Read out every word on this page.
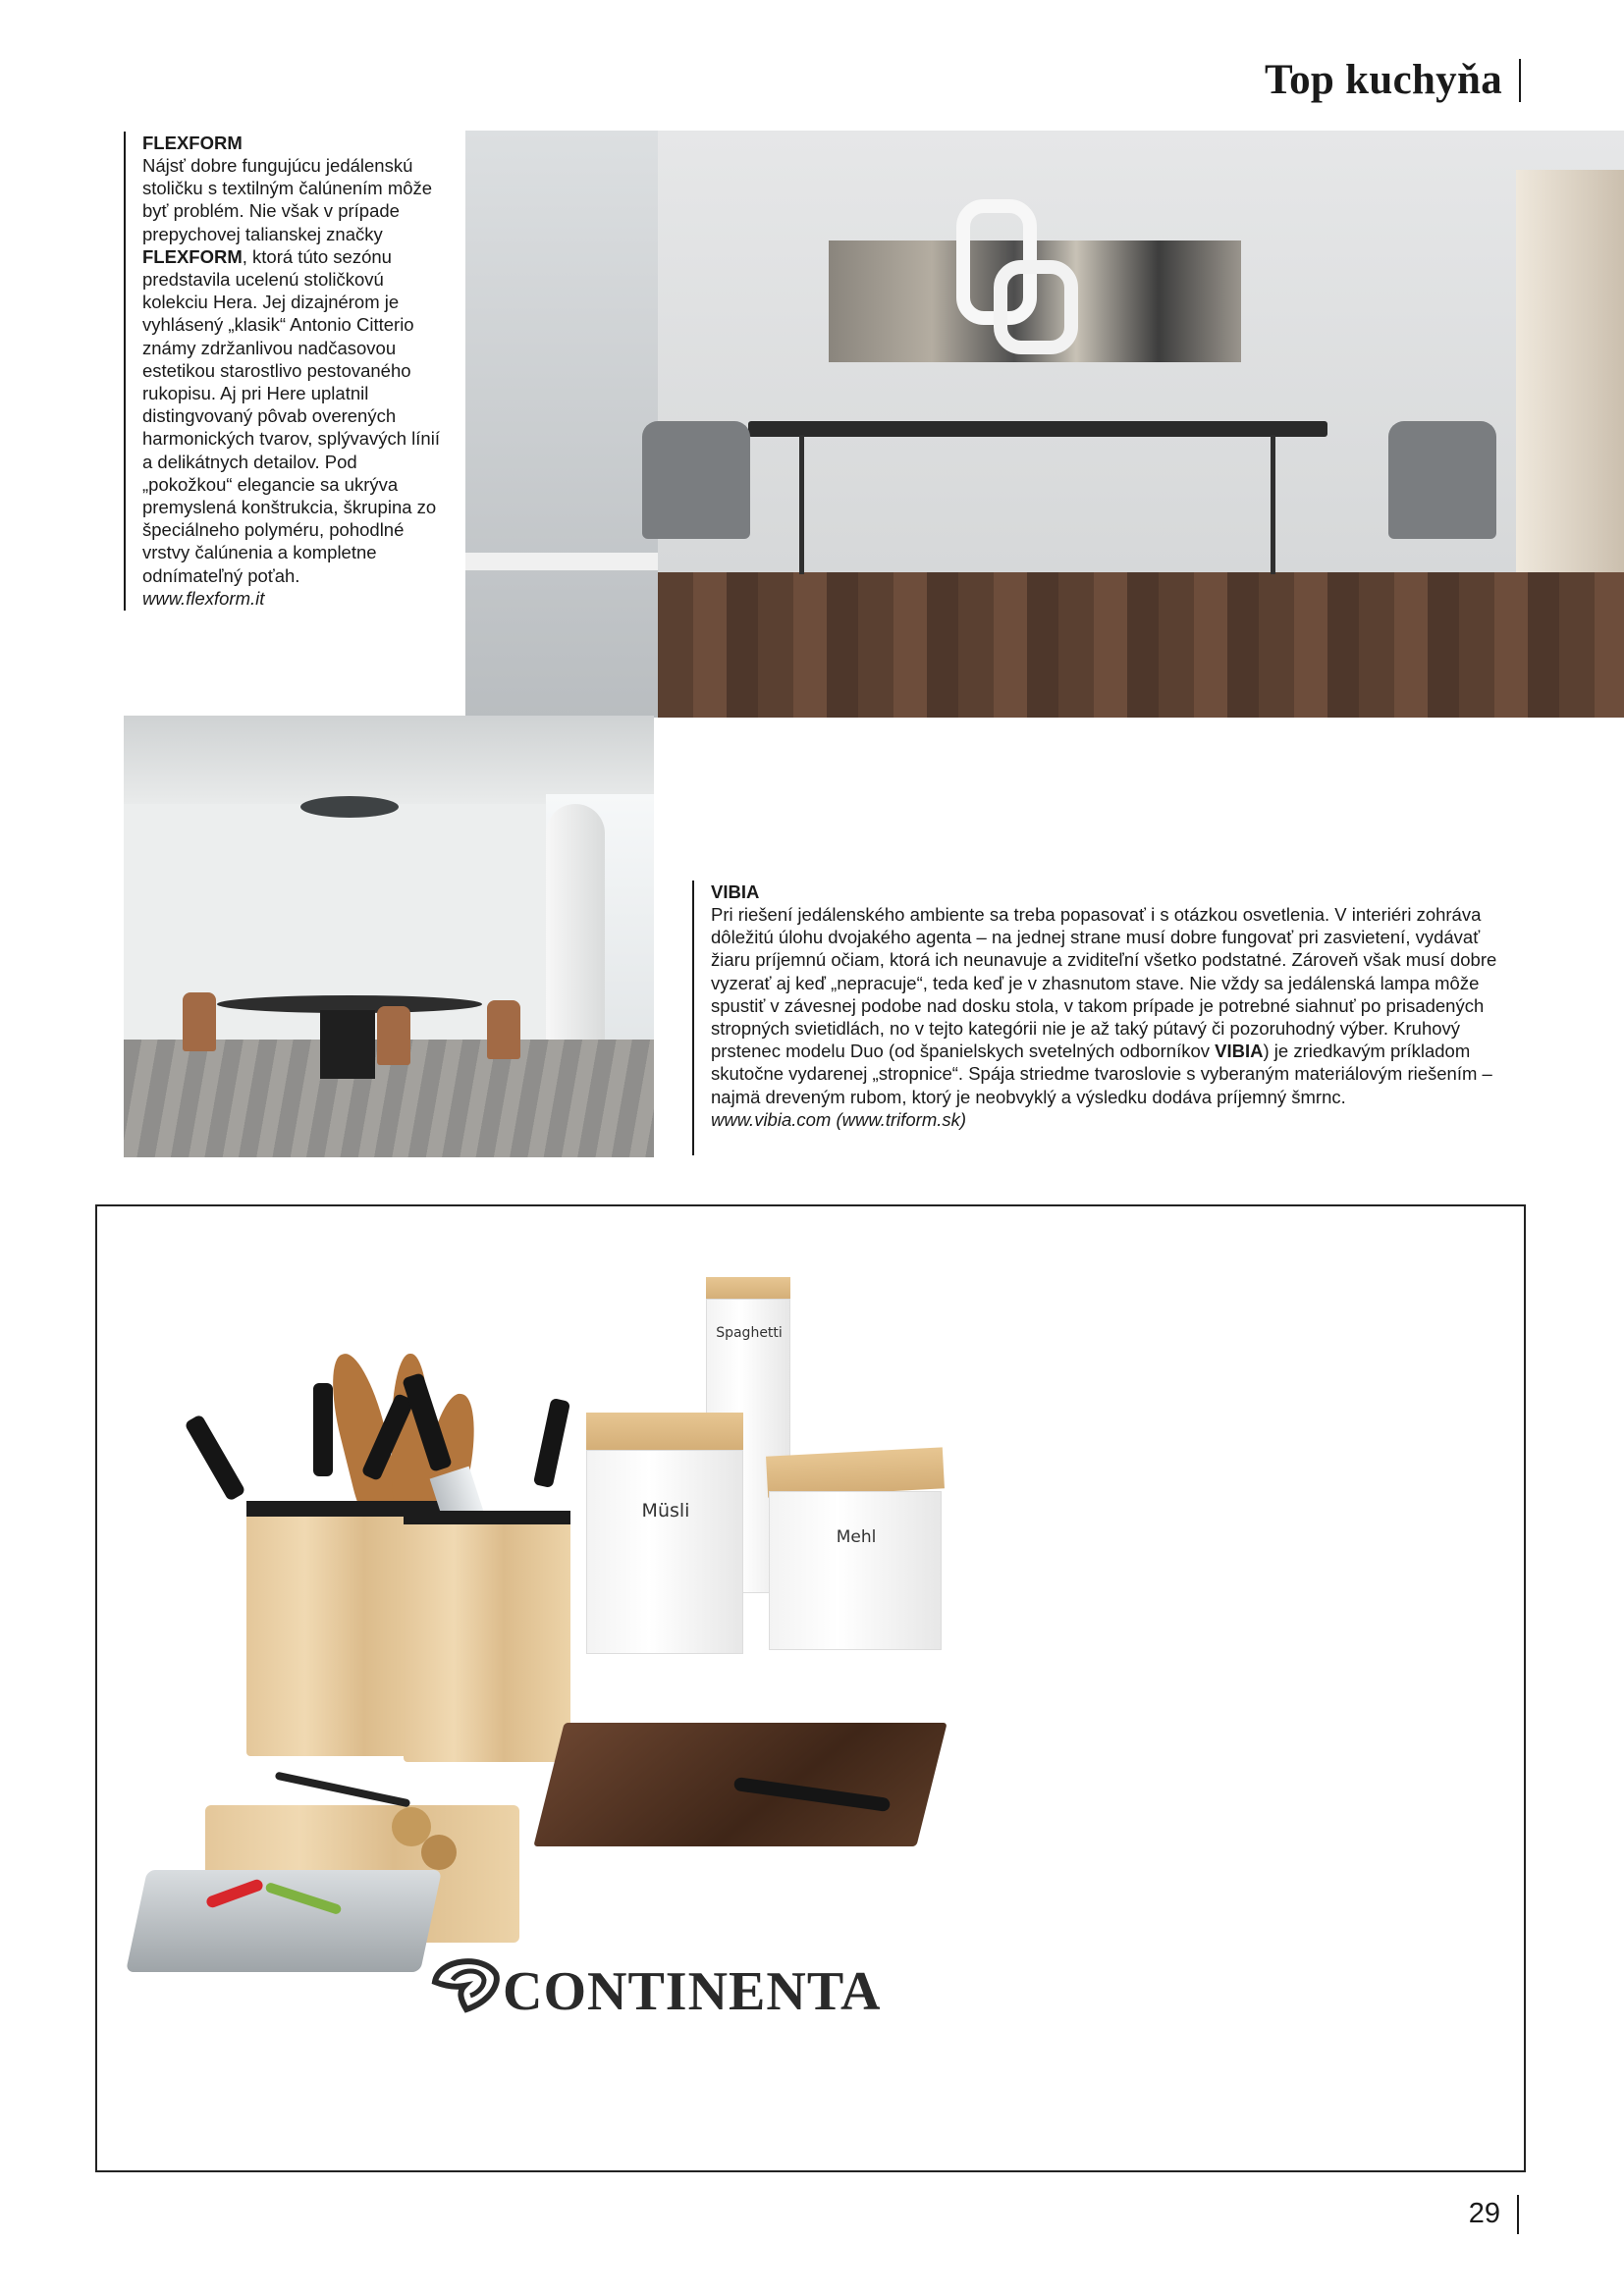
Top kuchyňa

FLEXFORM

Nájsť dobre fungujúcu jedálenskú stoličku s textilným čalúnením môže byť problém. Nie však v prípade prepychovej talianskej značky FLEXFORM, ktorá túto sezónu predstavila ucelenú stoličkovú kolekciu Hera. Jej dizajnérom je vyhlásený „klasik“ Antonio Citterio známy zdržanlivou nadčasovou estetikou starostlivo pestovaného rukopisu. Aj pri Here uplatnil distingvovaný pôvab overených harmonických tvarov, splývavých línií a delikátnych detailov. Pod „pokožkou“ elegancie sa ukrýva premyslená konštrukcia, škrupina zo špeciálneho polyméru, pohodlné vrstvy čalúnenia a kompletne odnímateľný poťah.

www.flexform.it

VIBIA

Pri riešení jedálenského ambiente sa treba popasovať i s otázkou osvetlenia. V interiéri zohráva dôležitú úlohu dvojakého agenta – na jednej strane musí dobre fungovať pri zasvietení, vydávať žiaru príjemnú očiam, ktorá ich neunavuje a zviditeľní všetko podstatné. Zároveň však musí dobre vyzerať aj keď „nepracuje“, teda keď je v zhasnutom stave. Nie vždy sa jedálenská lampa môže spustiť v závesnej podobe nad dosku stola, v takom prípade je potrebné siahnuť po prisadených stropných svietidlách, no v tejto kategórii nie je až taký pútavý či pozoruhodný výber. Kruhový prstenec modelu Duo (od španielskych svetelných odborníkov VIBIA) je zriedkavým príkladom skutočne vydarenej „stropnice“. Spája striedme tvaroslovie s vyberaným materiálovým riešením – najmä dreveným rubom, ktorý je neobvyklý a výsledku dodáva príjemný šmrnc.

www.vibia.com (www.triform.sk)

Spaghetti
Müsli
Mehl
CONTINENTA
29
